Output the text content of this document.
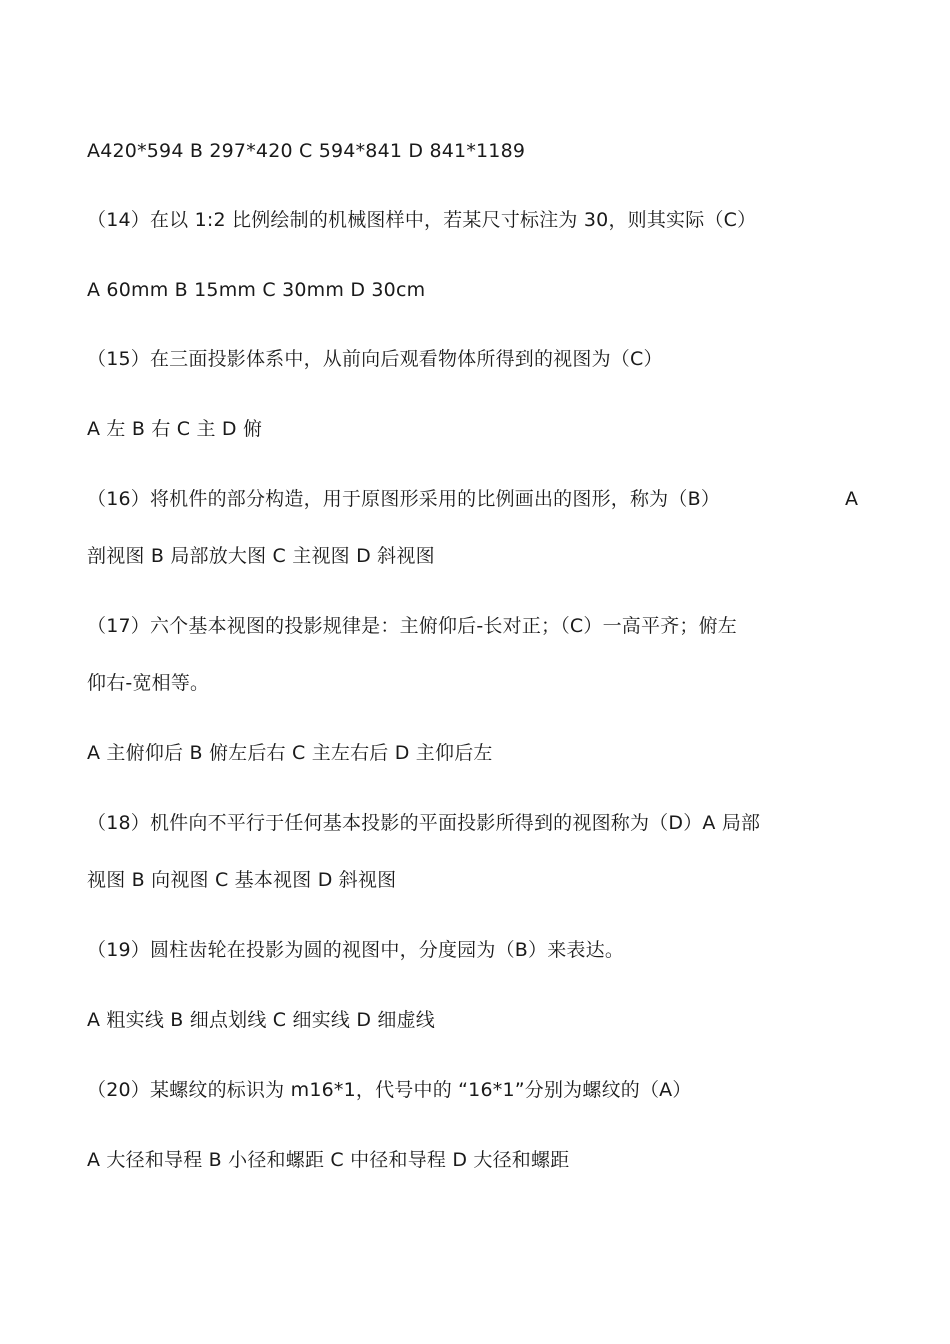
A420*594 B 297*420 C 594*841 D 841*1189
（14）在以 1:2 比例绘制的机械图样中，若某尺寸标注为 30，则其实际（C）
A 60mm B 15mm C 30mm D 30cm
（15）在三面投影体系中，从前向后观看物体所得到的视图为（C）
A 左 B 右 C 主 D 俯
（16）将机件的部分构造，用于原图形采用的比例画出的图形，称为（B）	A
剖视图 B 局部放大图 C 主视图 D 斜视图
（17）六个基本视图的投影规律是：主俯仰后-长对正；（C）一高平齐；俯左
仰右-宽相等。
A 主俯仰后 B 俯左后右 C 主左右后 D 主仰后左
（18）机件向不平行于任何基本投影的平面投影所得到的视图称为（D）A 局部
视图 B 向视图 C 基本视图 D 斜视图
（19）圆柱齿轮在投影为圆的视图中，分度园为（B）来表达。
A 粗实线 B 细点划线 C 细实线 D 细虚线
（20）某螺纹的标识为 m16*1，代号中的 “16*1”分别为螺纹的（A）
A 大径和导程 B 小径和螺距 C 中径和导程 D 大径和螺距
